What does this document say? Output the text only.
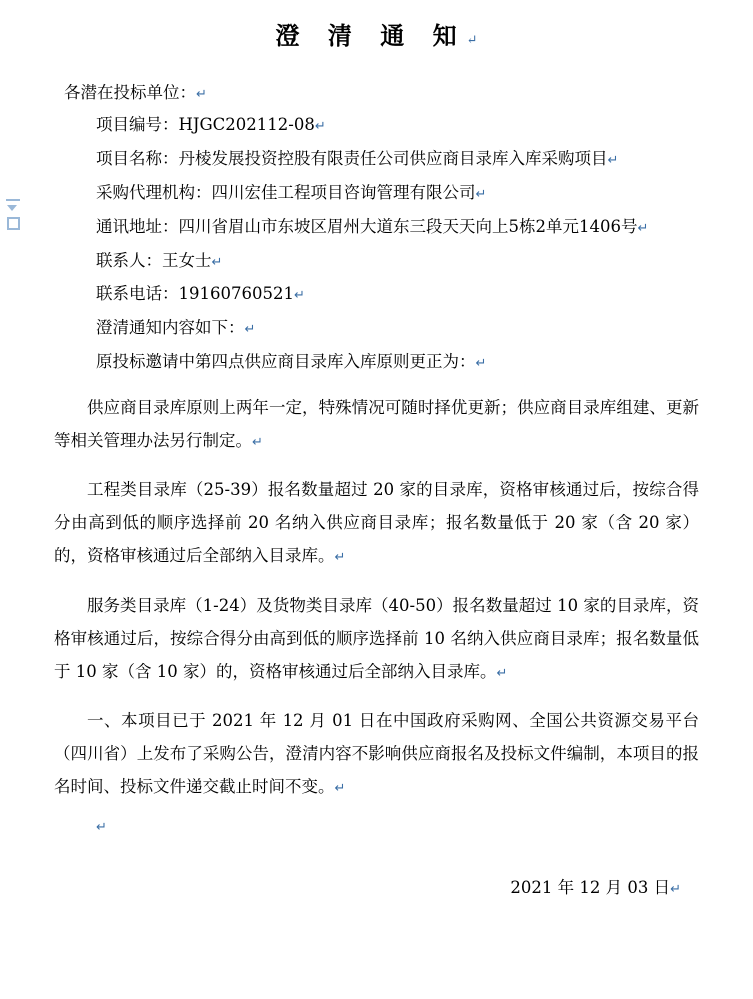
澄 清 通 知↵
各潜在投标单位：↵
项目编号：HJGC202112-08↵
项目名称：丹棱发展投资控股有限责任公司供应商目录库入库采购项目↵
采购代理机构：四川宏佳工程项目咨询管理有限公司↵
通讯地址：四川省眉山市东坡区眉州大道东三段天天向上5栋2单元1406号↵
联系人：王女士↵
联系电话：19160760521↵
澄清通知内容如下：↵
原投标邀请中第四点供应商目录库入库原则更正为：↵

供应商目录库原则上两年一定，特殊情况可随时择优更新；供应商目录库组建、更新等相关管理办法另行制定。↵

工程类目录库（25-39）报名数量超过 20 家的目录库，资格审核通过后，按综合得分由高到低的顺序选择前 20 名纳入供应商目录库；报名数量低于 20 家（含 20 家）的，资格审核通过后全部纳入目录库。↵

服务类目录库（1-24）及货物类目录库（40-50）报名数量超过 10 家的目录库，资格审核通过后，按综合得分由高到低的顺序选择前 10 名纳入供应商目录库；报名数量低于 10 家（含 10 家）的，资格审核通过后全部纳入目录库。↵

一、本项目已于 2021 年 12 月 01 日在中国政府采购网、全国公共资源交易平台（四川省）上发布了采购公告，澄清内容不影响供应商报名及投标文件编制，本项目的报名时间、投标文件递交截止时间不变。↵

↵
2021 年 12 月 03 日↵
